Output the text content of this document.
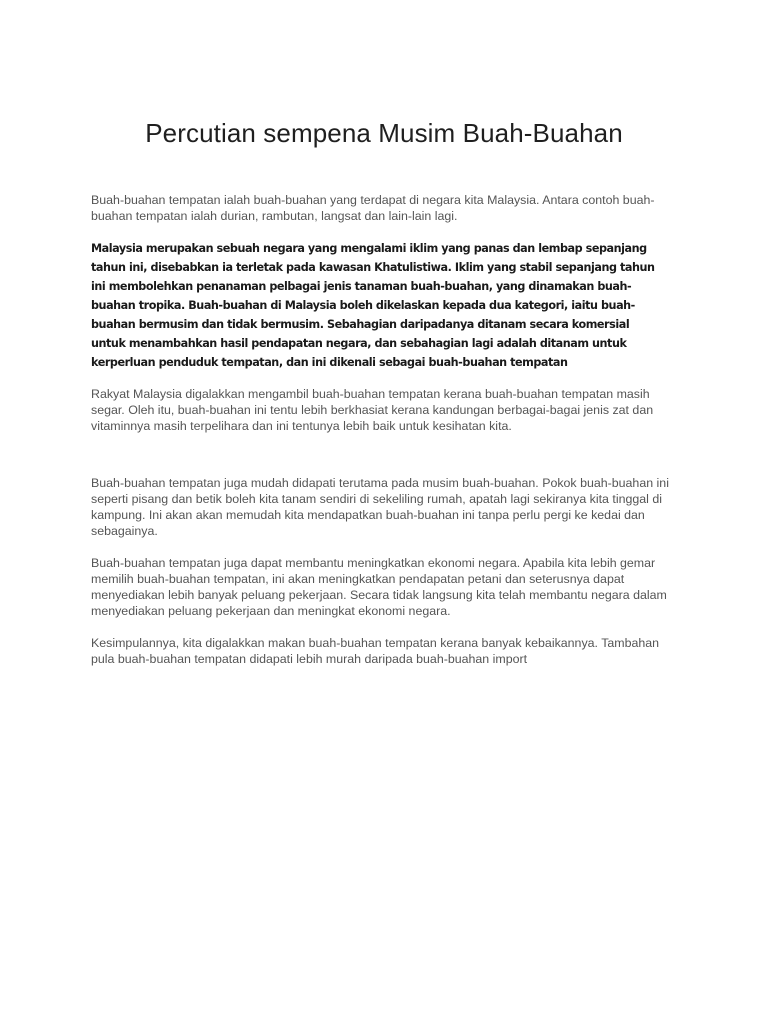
Percutian sempena Musim Buah-Buahan

Buah-buahan tempatan ialah buah-buahan yang terdapat di negara kita Malaysia. Antara contoh buah-buahan tempatan ialah durian, rambutan, langsat dan lain-lain lagi.

Malaysia merupakan sebuah negara yang mengalami iklim yang panas dan lembap sepanjang tahun ini, disebabkan ia terletak pada kawasan Khatulistiwa. Iklim yang stabil sepanjang tahun ini membolehkan penanaman pelbagai jenis tanaman buah-buahan, yang dinamakan buah-buahan tropika. Buah-buahan di Malaysia boleh dikelaskan kepada dua kategori, iaitu buah-buahan bermusim dan tidak bermusim. Sebahagian daripadanya ditanam secara komersial untuk menambahkan hasil pendapatan negara, dan sebahagian lagi adalah ditanam untuk kerperluan penduduk tempatan, dan ini dikenali sebagai buah-buahan tempatan

Rakyat Malaysia digalakkan mengambil buah-buahan tempatan kerana buah-buahan tempatan masih segar. Oleh itu, buah-buahan ini tentu lebih berkhasiat kerana kandungan berbagai-bagai jenis zat dan vitaminnya masih terpelihara dan ini tentunya lebih baik untuk kesihatan kita.

Buah-buahan tempatan juga mudah didapati terutama pada musim buah-buahan. Pokok buah-buahan ini seperti pisang dan betik boleh kita tanam sendiri di sekeliling rumah, apatah lagi sekiranya kita tinggal di kampung. Ini akan akan memudah kita mendapatkan buah-buahan ini tanpa perlu pergi ke kedai dan sebagainya.

Buah-buahan tempatan juga dapat membantu meningkatkan ekonomi negara. Apabila kita lebih gemar memilih buah-buahan tempatan, ini akan meningkatkan pendapatan petani dan seterusnya dapat menyediakan lebih banyak peluang pekerjaan. Secara tidak langsung kita telah membantu negara dalam menyediakan peluang pekerjaan dan meningkat ekonomi negara.

Kesimpulannya, kita digalakkan makan buah-buahan tempatan kerana banyak kebaikannya. Tambahan pula buah-buahan tempatan didapati lebih murah daripada buah-buahan import
